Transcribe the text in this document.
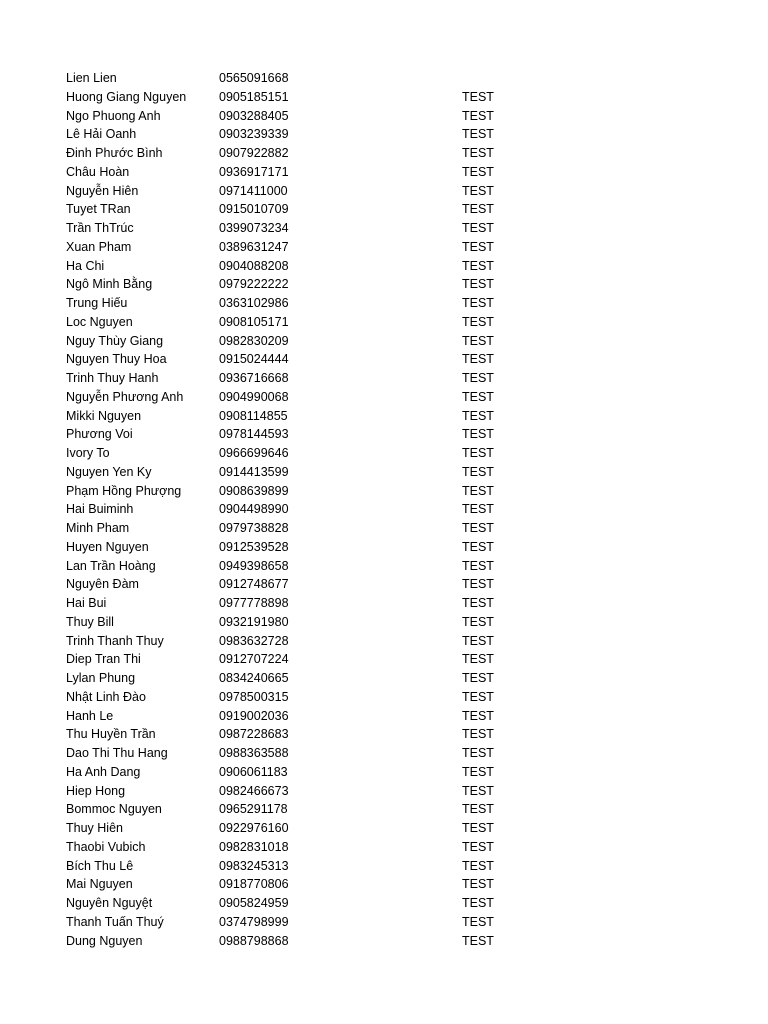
Lien Lien	0565091668
Huong Giang Nguyen	0905185151	TEST
Ngo Phuong Anh	0903288405	TEST
Lê Hải Oanh	0903239339	TEST
Đinh Phước Bình	0907922882	TEST
Châu Hoàn	0936917171	TEST
Nguyễn Hiên	0971411000	TEST
Tuyet TRan	0915010709	TEST
Trần ThTrúc	0399073234	TEST
Xuan Pham	0389631247	TEST
Ha Chi	0904088208	TEST
Ngô Minh Bằng	0979222222	TEST
Trung Hiếu	0363102986	TEST
Loc Nguyen	0908105171	TEST
Nguy Thùy Giang	0982830209	TEST
Nguyen Thuy Hoa	0915024444	TEST
Trinh Thuy Hanh	0936716668	TEST
Nguyễn Phương Anh	0904990068	TEST
Mikki Nguyen	0908114855	TEST
Phương Voi	0978144593	TEST
Ivory To	0966699646	TEST
Nguyen Yen Ky	0914413599	TEST
Phạm Hồng Phượng	0908639899	TEST
Hai Buiminh	0904498990	TEST
Minh Pham	0979738828	TEST
Huyen Nguyen	0912539528	TEST
Lan Trần Hoàng	0949398658	TEST
Nguyên Đàm	0912748677	TEST
Hai Bui	0977778898	TEST
Thuy Bill	0932191980	TEST
Trinh Thanh Thuy	0983632728	TEST
Diep Tran Thi	0912707224	TEST
Lylan Phung	0834240665	TEST
Nhật Linh Đào	0978500315	TEST
Hanh Le	0919002036	TEST
Thu Huyền Trần	0987228683	TEST
Dao Thi Thu Hang	0988363588	TEST
Ha Anh Dang	0906061183	TEST
Hiep Hong	0982466673	TEST
Bommoc Nguyen	0965291178	TEST
Thuy Hiên	0922976160	TEST
Thaobi Vubich	0982831018	TEST
Bích Thu Lê	0983245313	TEST
Mai Nguyen	0918770806	TEST
Nguyên Nguyệt	0905824959	TEST
Thanh Tuấn Thuý	0374798999	TEST
Dung Nguyen	0988798868	TEST
